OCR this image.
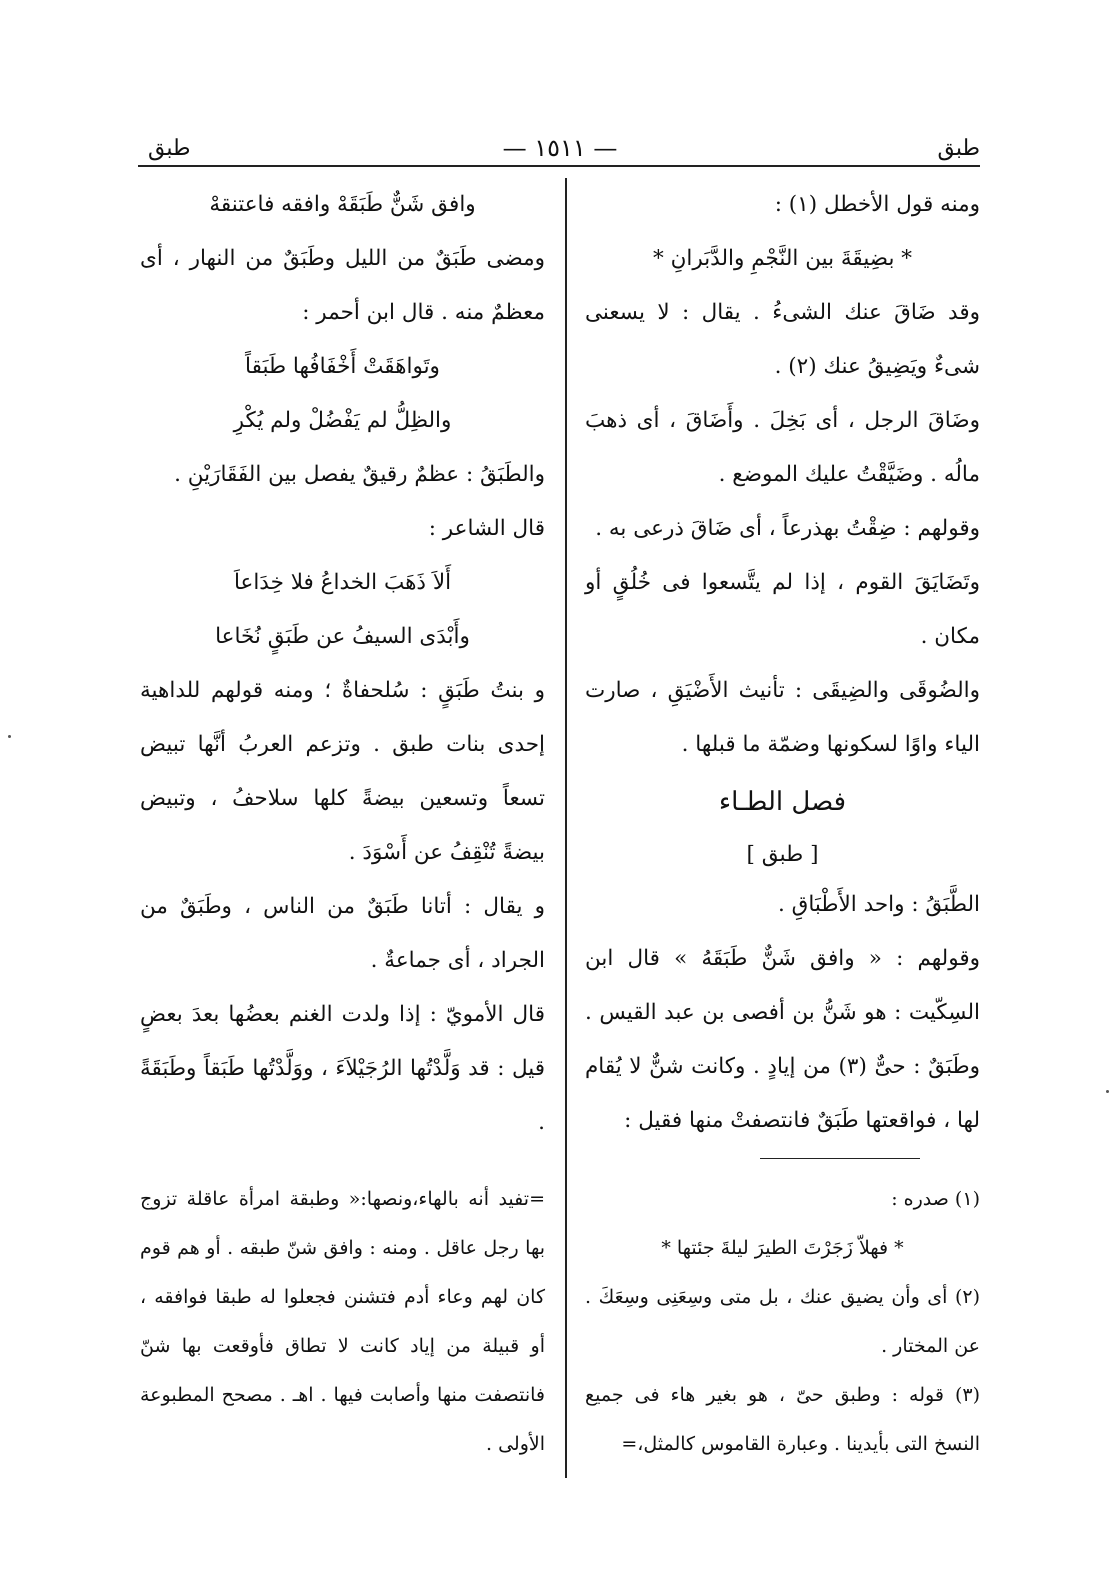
طبق
— ١٥١١ —
طبق

ومنه قول الأخطل (١) :

* بضِيقَةَ بين النَّجْمِ والدَّبَرانِ *

وقد ضَاقَ عنك الشىءُ . يقال : لا يسعنى شىءٌ ويَضِيقُ عنك (٢) .

وضَاقَ الرجل ، أى بَخِلَ . وأَضَاقَ ، أى ذهبَ مالُه . وضَيَّقْتُ عليك الموضع .

وقولهم : ضِقْتُ بهذرعاً ، أى ضَاقَ ذرعى به .

وتَضَايَقَ القوم ، إذا لم يتَّسعوا فى خُلُقٍ أو مكان .

والضُوقَى والضِيقَى : تأنيث الأَضْيَقِ ، صارت الياء واوًا لسكونها وضمّة ما قبلها .

فصل الطـاء

[ طبق ]

الطَّبَقُ : واحد الأَطْبَاقِ .

وقولهم : « وافق شَنٌّ طَبَقَهُ » قال ابن السِكّيت : هو شَنُّ بن أفصى بن عبد القيس . وطَبَقٌ : حىٌّ (٣) من إيادٍ . وكانت شنٌّ لا يُقام لها ، فواقعتها طَبَقٌ فانتصفتْ منها فقيل :

وافق شَنٌّ طَبَقَهْ وافقه فاعتنقهْ

ومضى طَبَقٌ من الليل وطَبَقٌ من النهار ، أى معظمٌ منه . قال ابن أحمر :

وتَواهَقَتْ أَخْفَافُها طَبَقاً

والظِلُّ لم يَفْضُلْ ولم يُكْرِ

والطَبَقُ : عظمٌ رقيقٌ يفصل بين الفَقَارَيْنِ .

قال الشاعر :

أَلاَ ذَهَبَ الخداعُ فلا خِدَاعاَ

وأَبْدَى السيفُ عن طَبَقٍ نُخَاعا

و بنتُ طَبَقٍ : سُلحفاةٌ ؛ ومنه قولهم للداهية إحدى بنات طبق . وتزعم العربُ أنَّها تبيض تسعاً وتسعين بيضةً كلها سلاحفُ ، وتبيض بيضةً تُنْقِفُ عن أَسْوَدَ .

و يقال : أتانا طَبَقٌ من الناس ، وطَبَقٌ من الجراد ، أى جماعةٌ .

قال الأمويّ : إذا ولدت الغنم بعضُها بعدَ بعضٍ قيل : قد وَلَّدْتُها الرُجَيْلاَءَ ، ووَلَّدْتُها طَبَقاً وطَبَقَةً .

(١) صدره :

* فهلاّ زَجَرْتَ الطيرَ ليلةَ جئتها *

(٢) أى وأن يضيق عنك ، بل متى وسِعَنِى وسِعَكَ . عن المختار .

(٣) قوله : وطبق حىّ ، هو بغير هاء فى جميع النسخ التى بأيدينا . وعبارة القاموس كالمثل،=

=تفيد أنه بالهاء،ونصها:« وطبقة امرأة عاقلة تزوج بها رجل عاقل . ومنه : وافق شنّ طبقه . أو هم قوم كان لهم وعاء أدم فتشنن فجعلوا له طبقا فوافقه ، أو قبيلة من إياد كانت لا تطاق فأوقعت بها شنّ فانتصفت منها وأصابت فيها . اهـ . مصحح المطبوعة الأولى .
